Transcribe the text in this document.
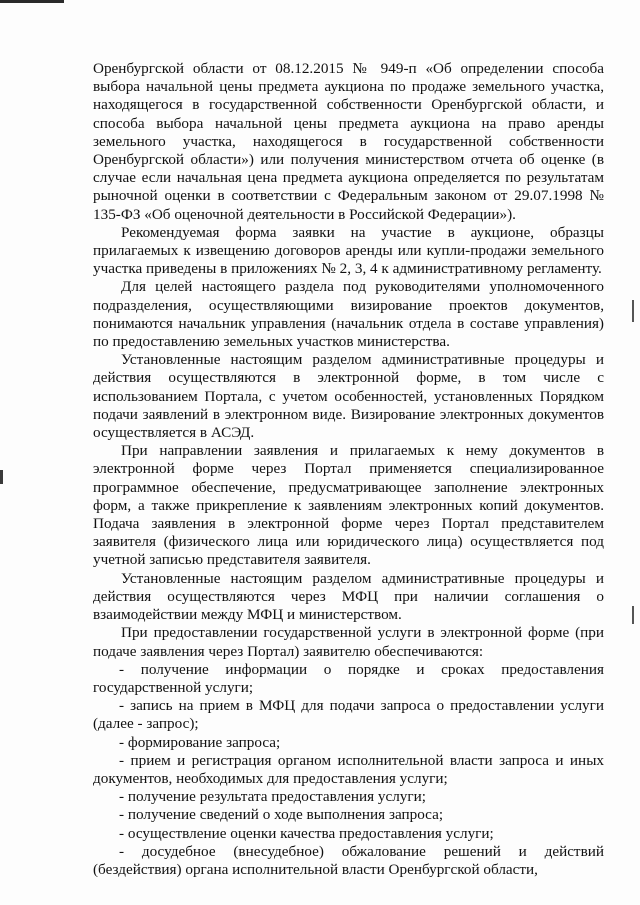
Оренбургской области от 08.12.2015 № 949-п «Об определении способа выбора начальной цены предмета аукциона по продаже земельного участка, находящегося в государственной собственности Оренбургской области, и способа выбора начальной цены предмета аукциона на право аренды земельного участка, находящегося в государственной собственности Оренбургской области») или получения министерством отчета об оценке (в случае если начальная цена предмета аукциона определяется по результатам рыночной оценки в соответствии с Федеральным законом от 29.07.1998 № 135-ФЗ «Об оценочной деятельности в Российской Федерации»).

Рекомендуемая форма заявки на участие в аукционе, образцы прилагаемых к извещению договоров аренды или купли-продажи земельного участка приведены в приложениях № 2, 3, 4 к административному регламенту.

Для целей настоящего раздела под руководителями уполномоченного подразделения, осуществляющими визирование проектов документов, понимаются начальник управления (начальник отдела в составе управления) по предоставлению земельных участков министерства.

Установленные настоящим разделом административные процедуры и действия осуществляются в электронной форме, в том числе с использованием Портала, с учетом особенностей, установленных Порядком подачи заявлений в электронном виде. Визирование электронных документов осуществляется в АСЭД.

При направлении заявления и прилагаемых к нему документов в электронной форме через Портал применяется специализированное программное обеспечение, предусматривающее заполнение электронных форм, а также прикрепление к заявлениям электронных копий документов. Подача заявления в электронной форме через Портал представителем заявителя (физического лица или юридического лица) осуществляется под учетной записью представителя заявителя.

Установленные настоящим разделом административные процедуры и действия осуществляются через МФЦ при наличии соглашения о взаимодействии между МФЦ и министерством.

При предоставлении государственной услуги в электронной форме (при подаче заявления через Портал) заявителю обеспечиваются:

- получение информации о порядке и сроках предоставления государственной услуги;

- запись на прием в МФЦ для подачи запроса о предоставлении услуги (далее - запрос);

- формирование запроса;

- прием и регистрация органом исполнительной власти запроса и иных документов, необходимых для предоставления услуги;

- получение результата предоставления услуги;

- получение сведений о ходе выполнения запроса;

- осуществление оценки качества предоставления услуги;

- досудебное (внесудебное) обжалование решений и действий (бездействия) органа исполнительной власти Оренбургской области,
